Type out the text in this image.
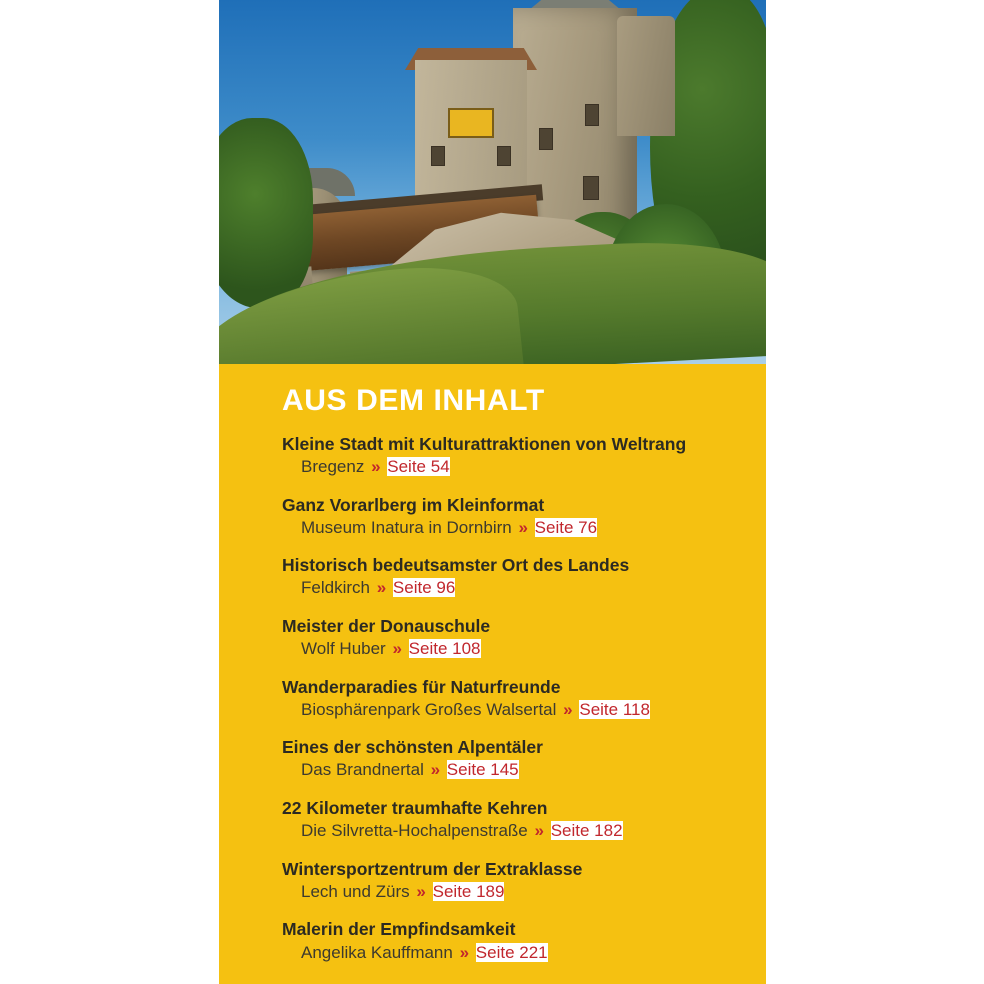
AUS DEM INHALT
Kleine Stadt mit Kulturattraktionen von Weltrang
Bregenz » Seite 54
Ganz Vorarlberg im Kleinformat
Museum Inatura in Dornbirn » Seite 76
Historisch bedeutsamster Ort des Landes
Feldkirch » Seite 96
Meister der Donauschule
Wolf Huber » Seite 108
Wanderparadies für Naturfreunde
Biosphärenpark Großes Walsertal » Seite 118
Eines der schönsten Alpentäler
Das Brandnertal » Seite 145
22 Kilometer traumhafte Kehren
Die Silvretta-Hochalpenstraße » Seite 182
Wintersportzentrum der Extraklasse
Lech und Zürs » Seite 189
Malerin der Empfindsamkeit
Angelika Kauffmann » Seite 221
